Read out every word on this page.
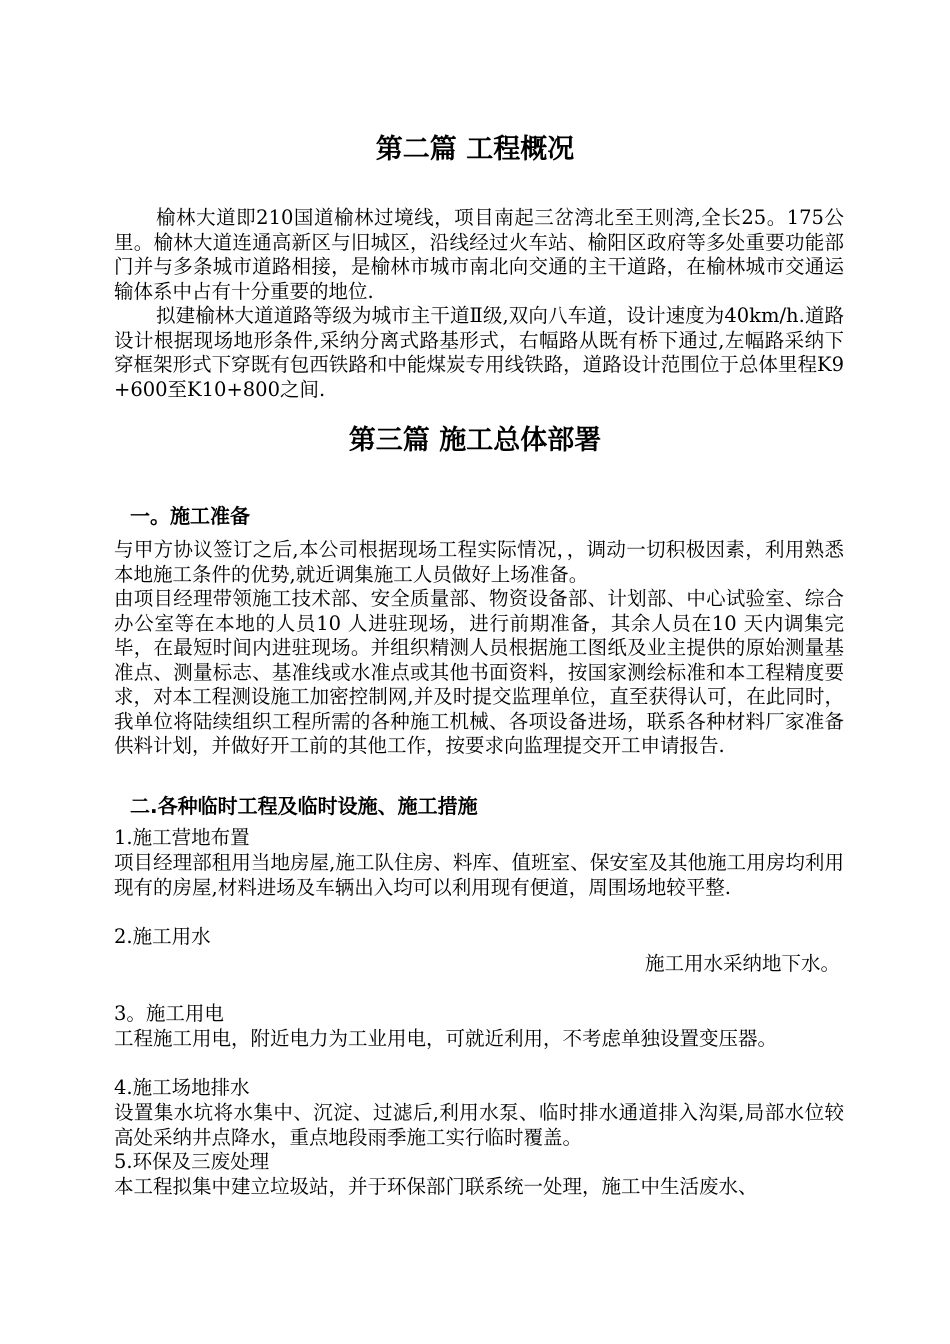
第二篇 工程概况
榆林大道即210国道榆林过境线，项目南起三岔湾北至王则湾,全长25。175公里。榆林大道连通高新区与旧城区，沿线经过火车站、榆阳区政府等多处重要功能部门并与多条城市道路相接，是榆林市城市南北向交通的主干道路，在榆林城市交通运输体系中占有十分重要的地位.
拟建榆林大道道路等级为城市主干道Ⅱ级,双向八车道，设计速度为40km/h.道路设计根据现场地形条件,采纳分离式路基形式，右幅路从既有桥下通过,左幅路采纳下穿框架形式下穿既有包西铁路和中能煤炭专用线铁路，道路设计范围位于总体里程K9+600至K10+800之间.
第三篇 施工总体部署
一。施工准备
与甲方协议签订之后,本公司根据现场工程实际情况，，调动一切积极因素，利用熟悉本地施工条件的优势,就近调集施工人员做好上场准备。
由项目经理带领施工技术部、安全质量部、物资设备部、计划部、中心试验室、综合办公室等在本地的人员10 人进驻现场，进行前期准备，其余人员在10 天内调集完毕，在最短时间内进驻现场。并组织精测人员根据施工图纸及业主提供的原始测量基准点、测量标志、基准线或水准点或其他书面资料，按国家测绘标准和本工程精度要求，对本工程测设施工加密控制网,并及时提交监理单位，直至获得认可，在此同时，我单位将陆续组织工程所需的各种施工机械、各项设备进场，联系各种材料厂家准备供料计划，并做好开工前的其他工作，按要求向监理提交开工申请报告.
二.各种临时工程及临时设施、施工措施
1.施工营地布置
项目经理部租用当地房屋,施工队住房、料库、值班室、保安室及其他施工用房均利用现有的房屋,材料进场及车辆出入均可以利用现有便道，周围场地较平整.
2.施工用水
施工用水采纳地下水。
3。施工用电
工程施工用电，附近电力为工业用电，可就近利用，不考虑单独设置变压器。
4.施工场地排水
设置集水坑将水集中、沉淀、过滤后,利用水泵、临时排水通道排入沟渠,局部水位较高处采纳井点降水，重点地段雨季施工实行临时覆盖。
5.环保及三废处理
本工程拟集中建立垃圾站，并于环保部门联系统一处理，施工中生活废水、
